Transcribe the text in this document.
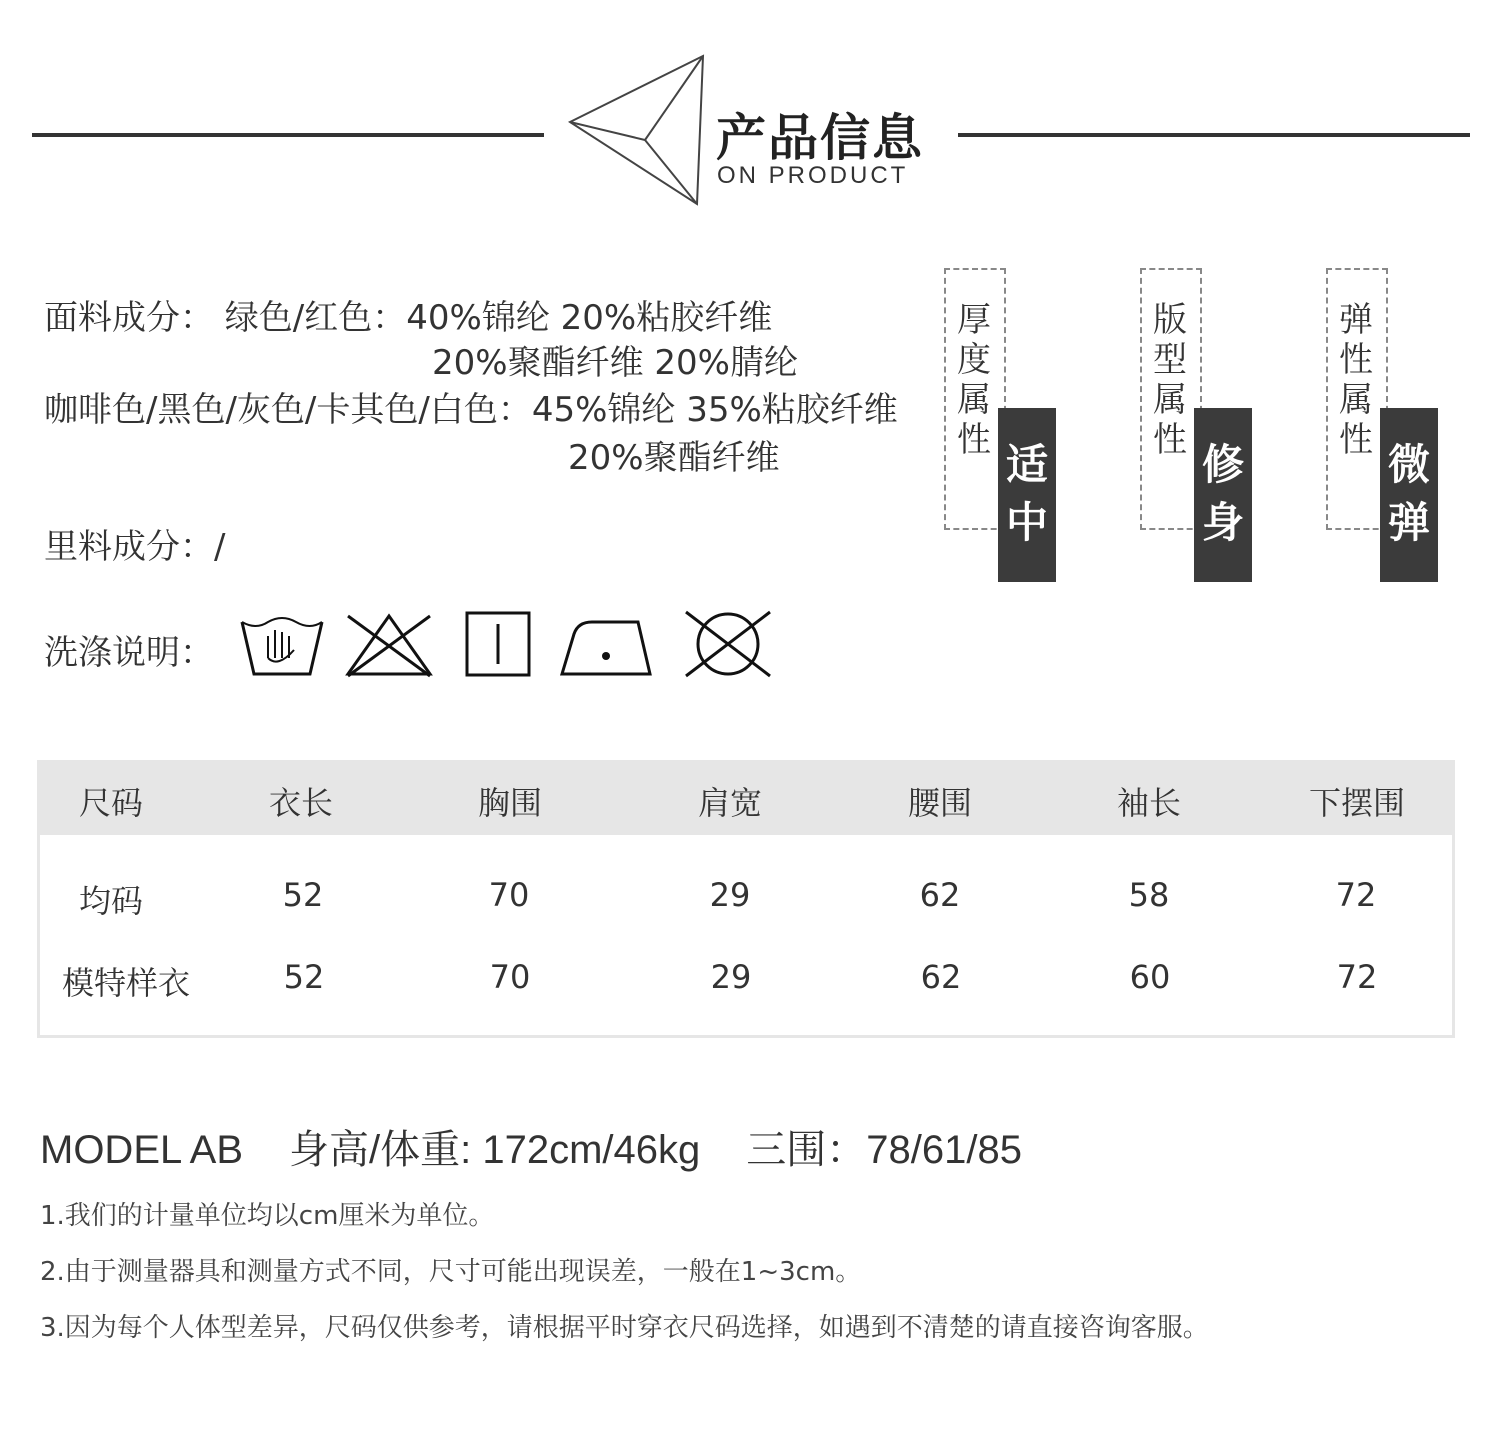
产品信息
ON PRODUCT
面料成分： 绿色/红色：40%锦纶 20%粘胶纤维
20%聚酯纤维 20%腈纶
咖啡色/黑色/灰色/卡其色/白色：45%锦纶 35%粘胶纤维
20%聚酯纤维
里料成分：/
厚
度
属
性 适
中
版
型
属
性 修
身
弹
性
属
性 微
弹
洗涤说明：
尺码	衣长	胸围	肩宽	腰围	袖长	下摆围
均码	52	70	29	62	58	72
模特样衣	52	70	29	62	60	72
MODEL AB 身高/体重: 172cm/46kg 三围：78/61/85
1.我们的计量单位均以cm厘米为单位。
2.由于测量器具和测量方式不同，尺寸可能出现误差，一般在1~3cm。
3.因为每个人体型差异，尺码仅供参考，请根据平时穿衣尺码选择，如遇到不清楚的请直接咨询客服。
